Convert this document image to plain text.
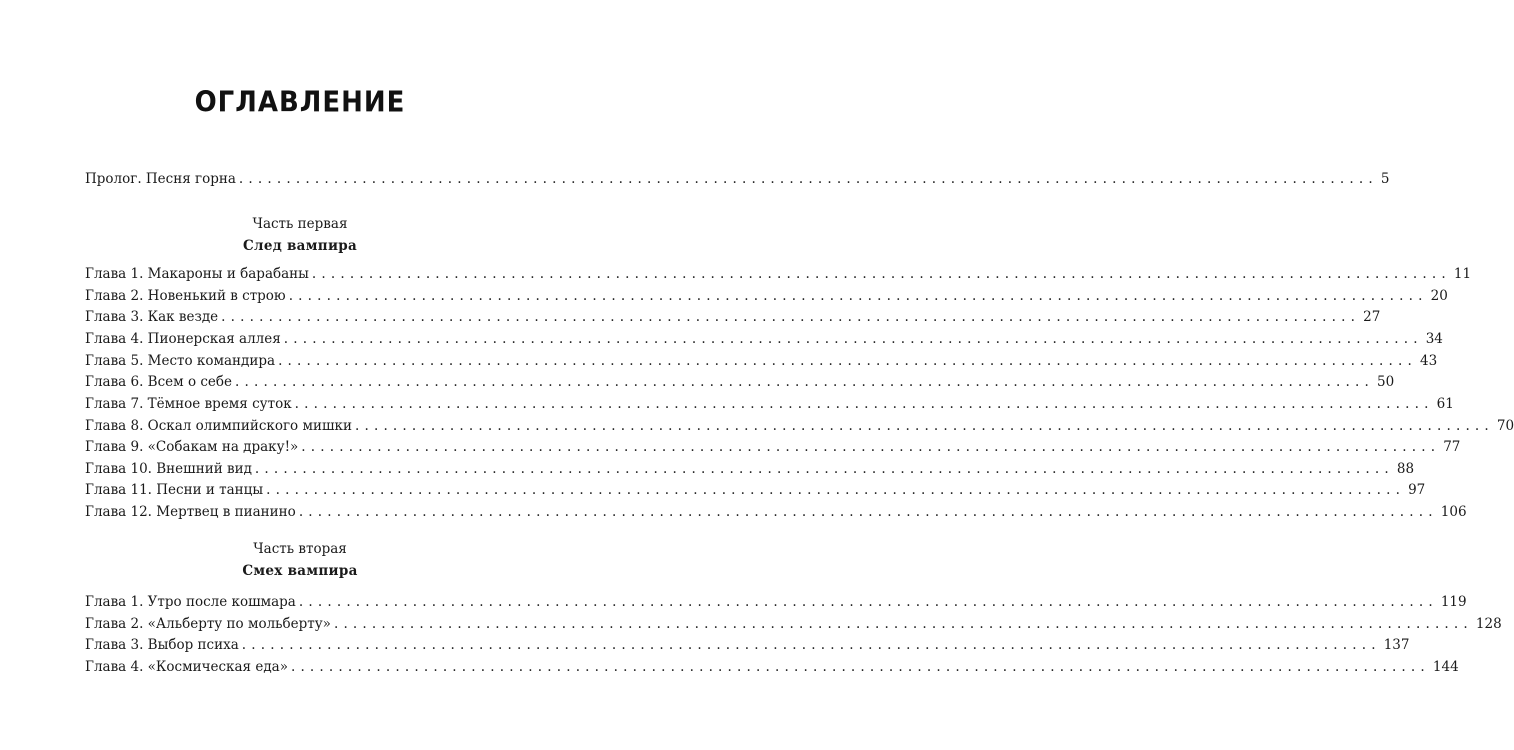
ОГЛАВЛЕНИЕ
Пролог. Песня горна ........................................................................................................................ 5
Часть первая
След вампира
Глава 1. Макароны и барабаны ........................................................................................................................ 11
Глава 2. Новенький в строю ........................................................................................................................ 20
Глава 3. Как везде ........................................................................................................................ 27
Глава 4. Пионерская аллея ........................................................................................................................ 34
Глава 5. Место командира ........................................................................................................................ 43
Глава 6. Всем о себе ........................................................................................................................ 50
Глава 7. Тёмное время суток ........................................................................................................................ 61
Глава 8. Оскал олимпийского мишки ........................................................................................................................ 70
Глава 9. «Собакам на драку!» ........................................................................................................................ 77
Глава 10. Внешний вид ........................................................................................................................ 88
Глава 11. Песни и танцы ........................................................................................................................ 97
Глава 12. Мертвец в пианино ........................................................................................................................ 106
Часть вторая
Смех вампира
Глава 1. Утро после кошмара ........................................................................................................................ 119
Глава 2. «Альберту по мольберту» ........................................................................................................................ 128
Глава 3. Выбор психа ........................................................................................................................ 137
Глава 4. «Космическая еда» ........................................................................................................................ 144
